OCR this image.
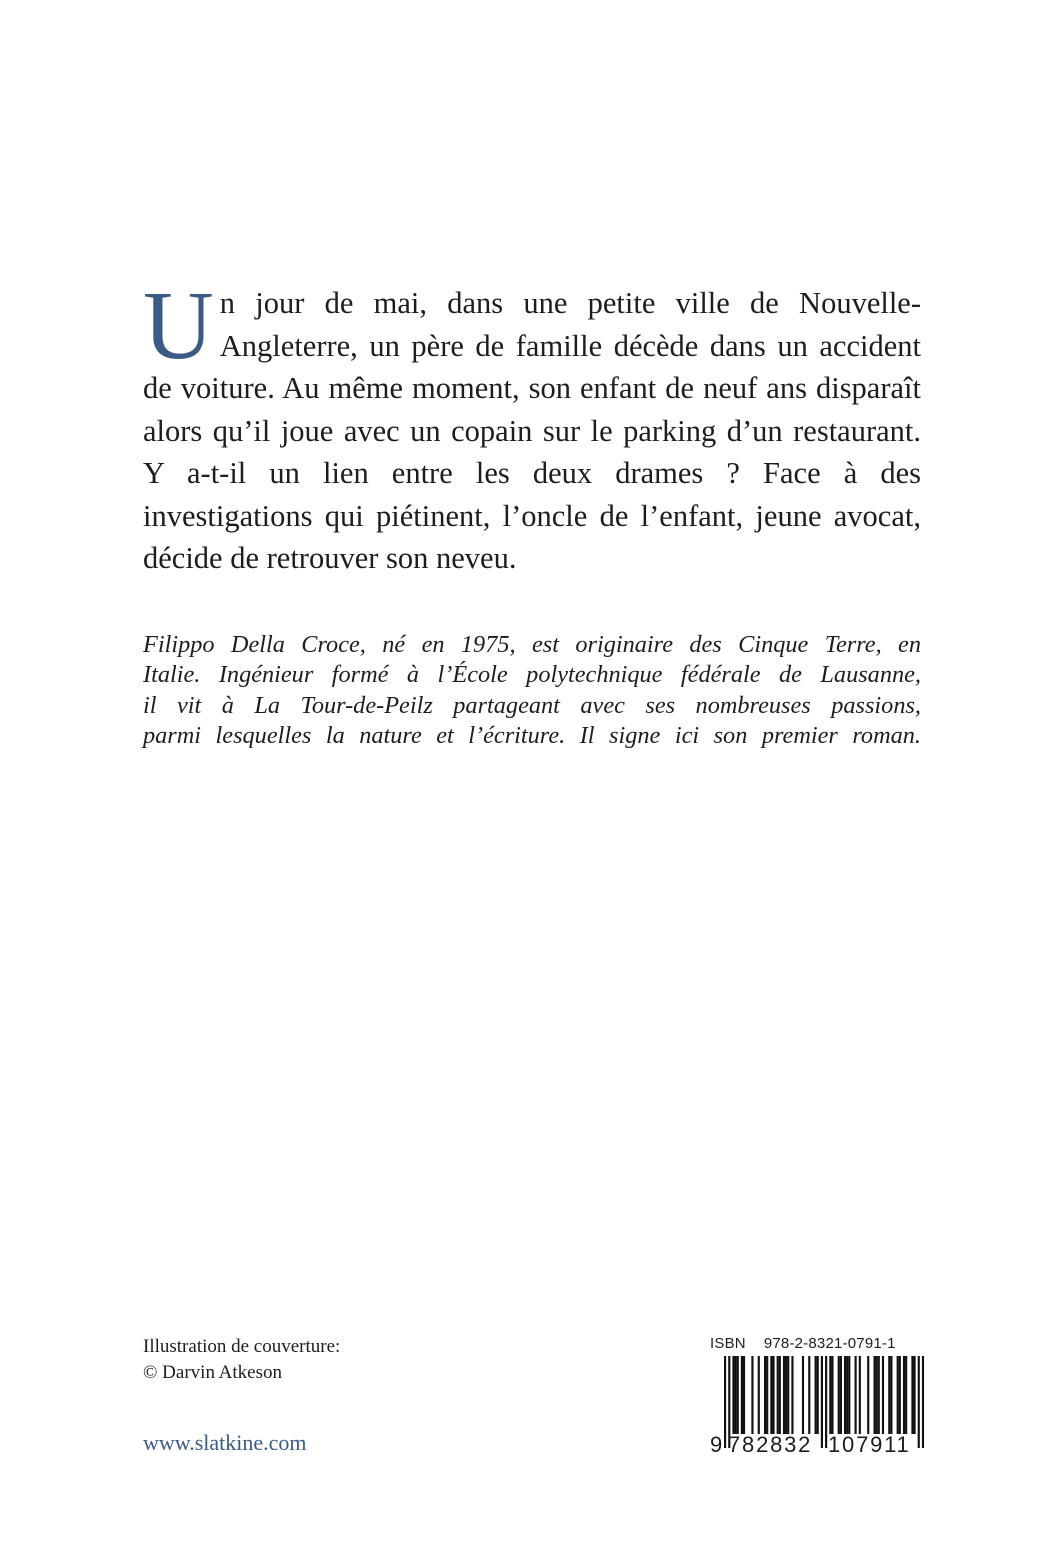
Un jour de mai, dans une petite ville de Nouvelle-Angleterre, un père de famille décède dans un accident de voiture. Au même moment, son enfant de neuf ans disparaît alors qu’il joue avec un copain sur le parking d’un restaurant. Y a-t-il un lien entre les deux drames ? Face à des investigations qui piétinent, l’oncle de l’enfant, jeune avocat, décide de retrouver son neveu.
Filippo Della Croce, né en 1975, est originaire des Cinque Terre, en
Italie. Ingénieur formé à l’École polytechnique fédérale de Lausanne,
il vit à La Tour-de-Peilz partageant avec ses nombreuses passions,
parmi lesquelles la nature et l’écriture. Il signe ici son premier roman.
Illustration de couverture:
© Darvin Atkeson
www.slatkine.com
ISBN 978-2-8321-0791-1
9 782832 107911
